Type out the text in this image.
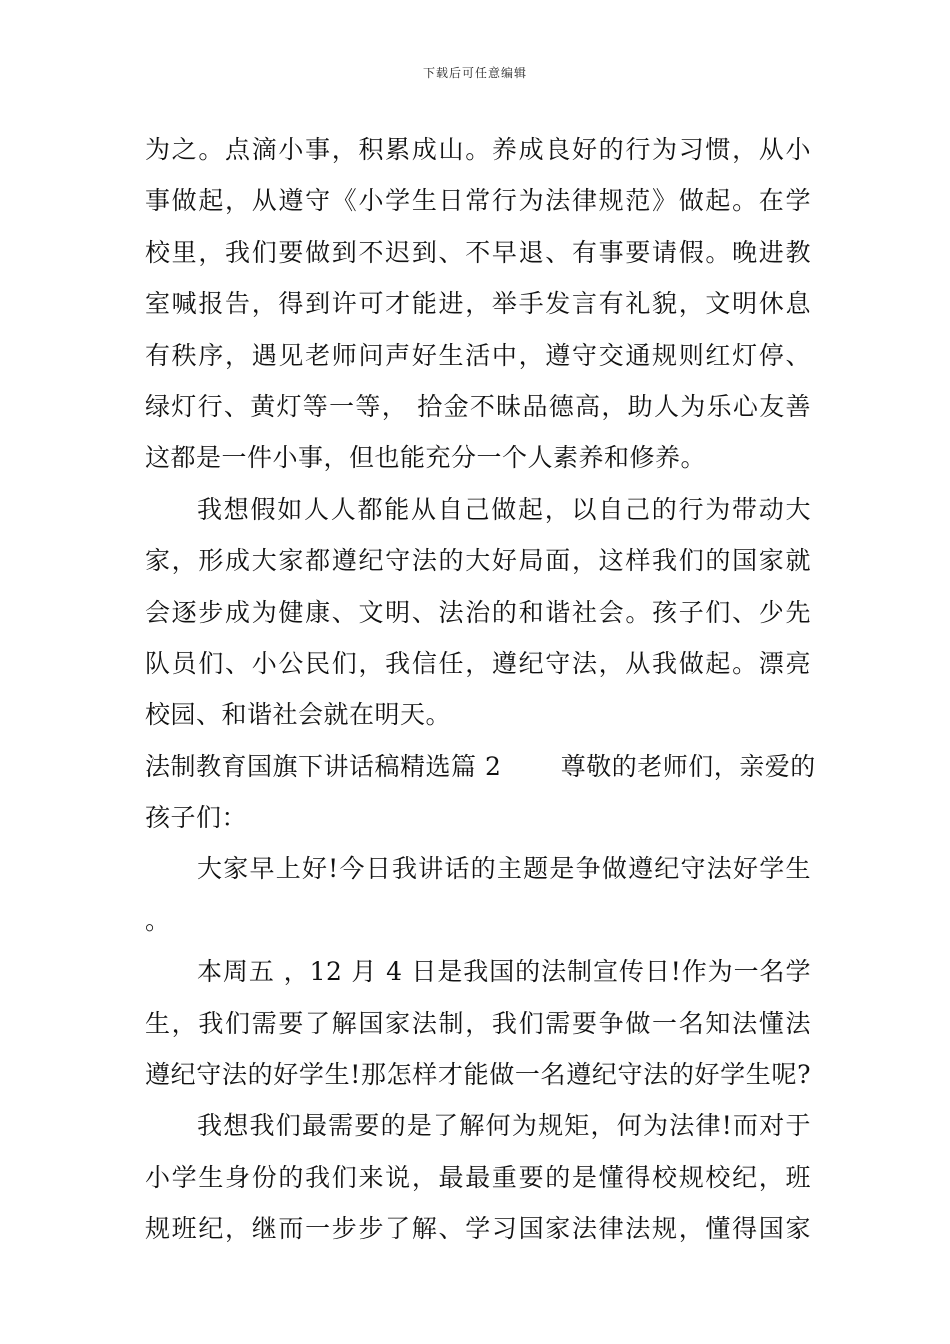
下载后可任意编辑
为之。点滴小事，积累成山。养成良好的行为习惯，从小
事做起，从遵守《小学生日常行为法律规范》做起。在学
校里，我们要做到不迟到、不早退、有事要请假。晚进教
室喊报告，得到许可才能进，举手发言有礼貌，文明休息
有秩序，遇见老师问声好生活中，遵守交通规则红灯停、
绿灯行、黄灯等一等， 拾金不昧品德高，助人为乐心友善
这都是一件小事，但也能充分一个人素养和修养。
我想假如人人都能从自己做起，以自己的行为带动大
家，形成大家都遵纪守法的大好局面，这样我们的国家就
会逐步成为健康、文明、法治的和谐社会。孩子们、少先
队员们、小公民们，我信任，遵纪守法，从我做起。漂亮
校园、和谐社会就在明天。
法制教育国旗下讲话稿精选篇 2 　　尊敬的老师们，亲爱的
孩子们：
大家早上好!今日我讲话的主题是争做遵纪守法好学生
。
本周五 ，12 月 4 日是我国的法制宣传日!作为一名学
生，我们需要了解国家法制，我们需要争做一名知法懂法
遵纪守法的好学生!那怎样才能做一名遵纪守法的好学生呢?
我想我们最需要的是了解何为规矩，何为法律!而对于
小学生身份的我们来说，最最重要的是懂得校规校纪，班
规班纪，继而一步步了解、学习国家法律法规，懂得国家
